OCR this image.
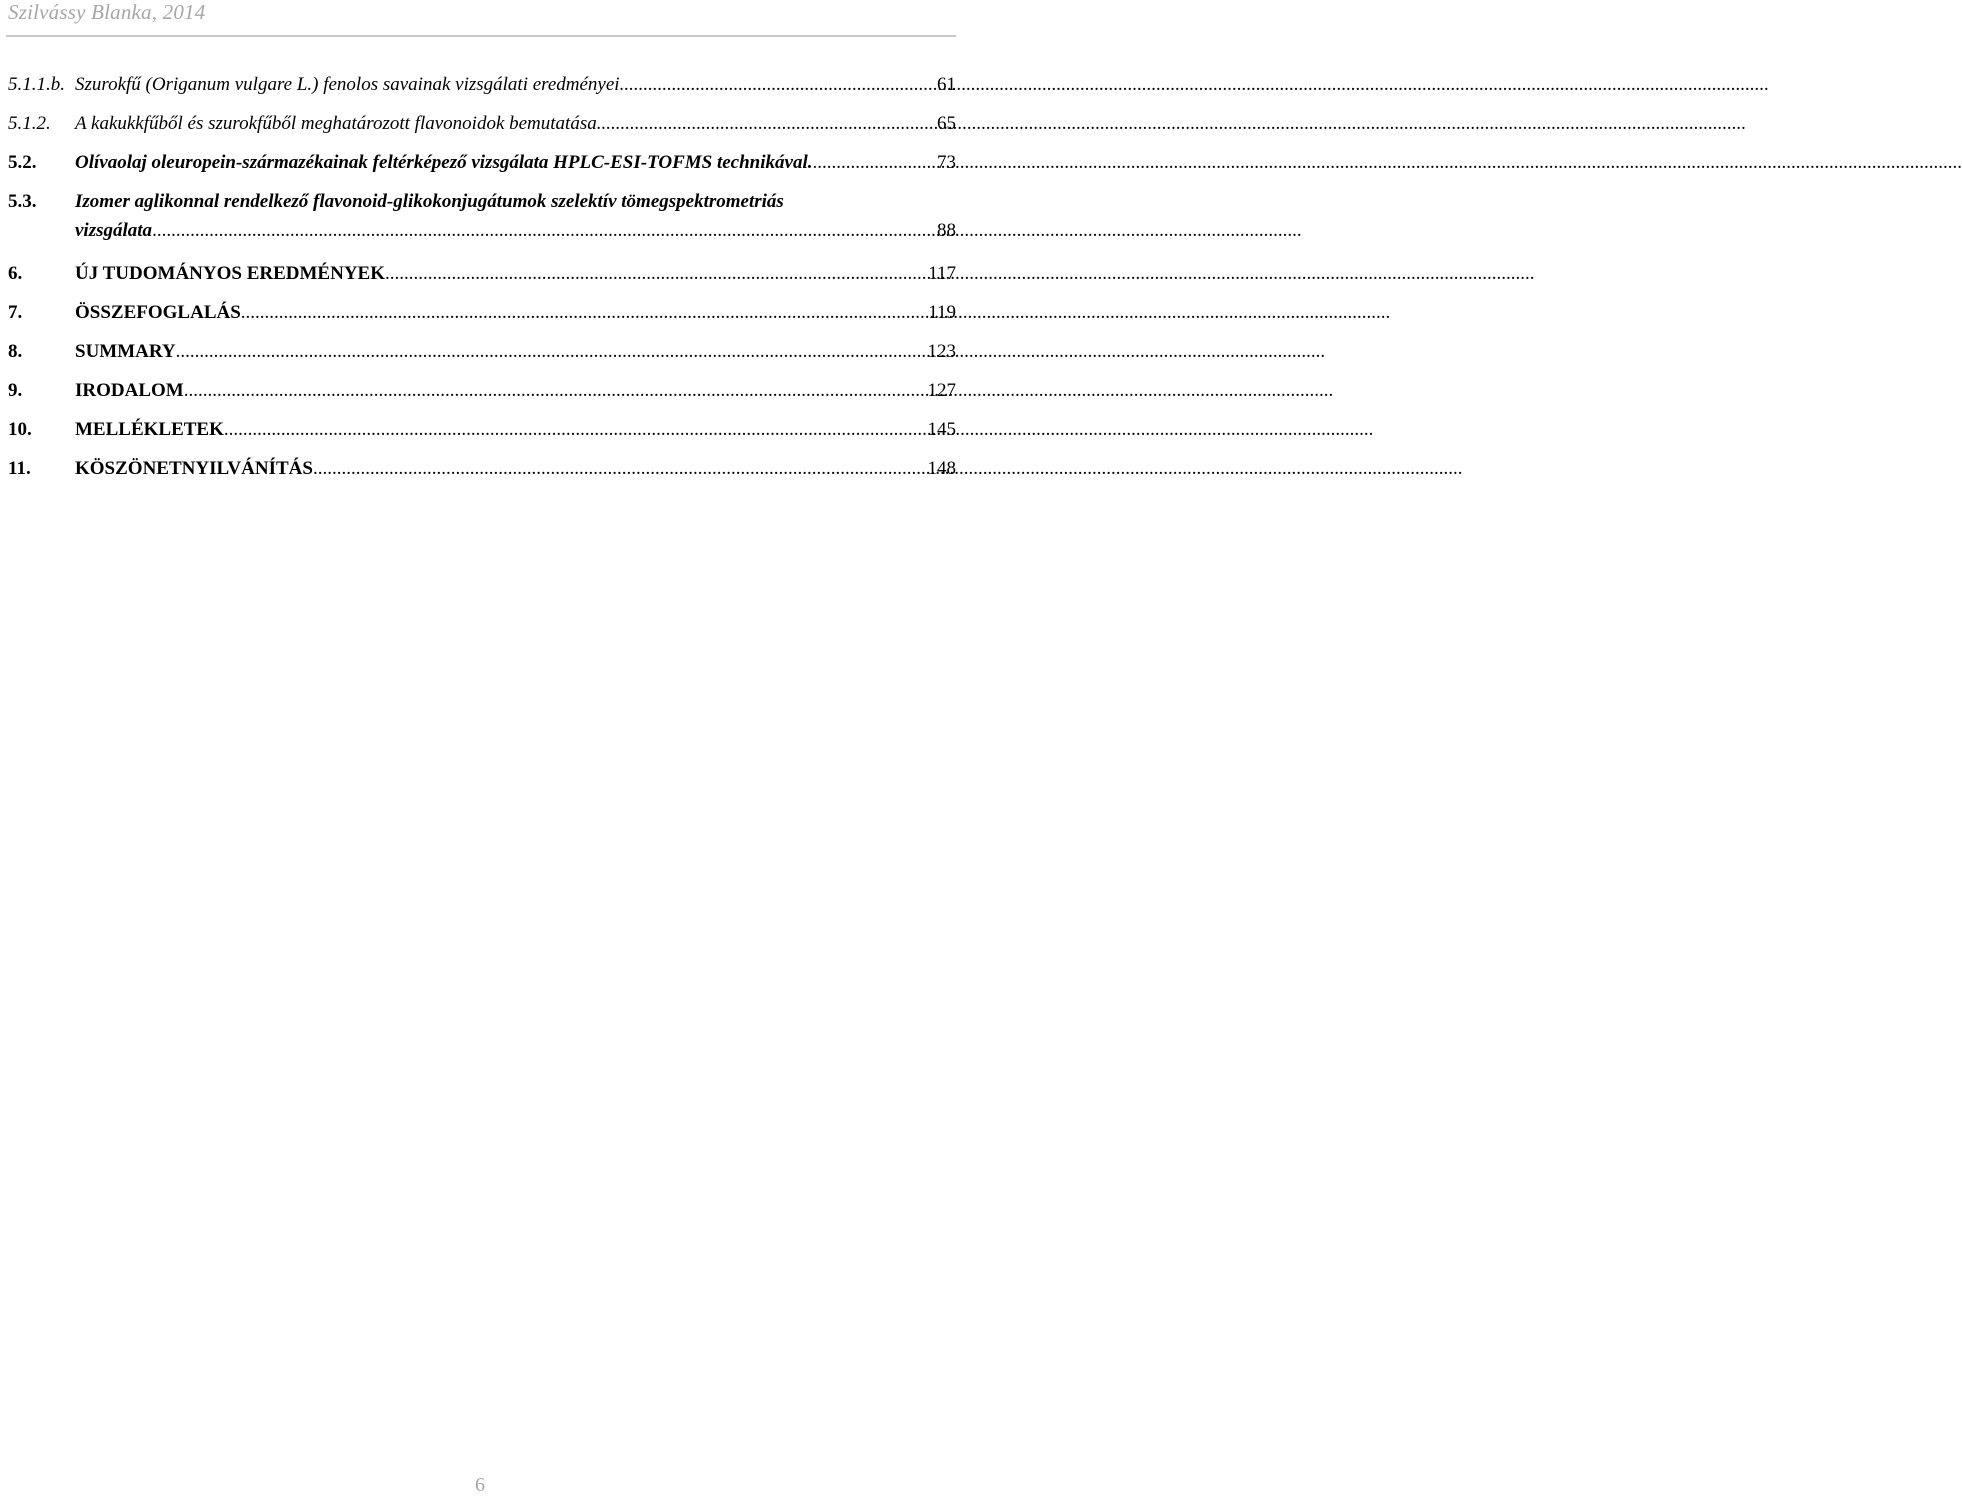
Szilvássy Blanka, 2014
5.1.1.b. Szurokfű (Origanum vulgare L.) fenolos savainak vizsgálati eredményei .....	61
5.1.2.	A kakukkfűből és szurokfűből meghatározott flavonoidok bemutatása .....	65
5.2.	Olívaolaj oleuropein-származékainak feltérképező vizsgálata HPLC-ESI-TOFMS technikával. .....	73
5.3.	Izomer aglikonnal rendelkező flavonoid-glikokonjugátumok szelektív tömegspektrometriás
vizsgálata .....	88
6.	ÚJ TUDOMÁNYOS EREDMÉNYEK .....	117
7.	ÖSSZEFOGLALÁS .....	119
8.	SUMMARY .....	123
9.	IRODALOM .....	127
10.	MELLÉKLETEK .....	145
11.	KÖSZÖNETNYILVÁNÍTÁS .....	148
6
